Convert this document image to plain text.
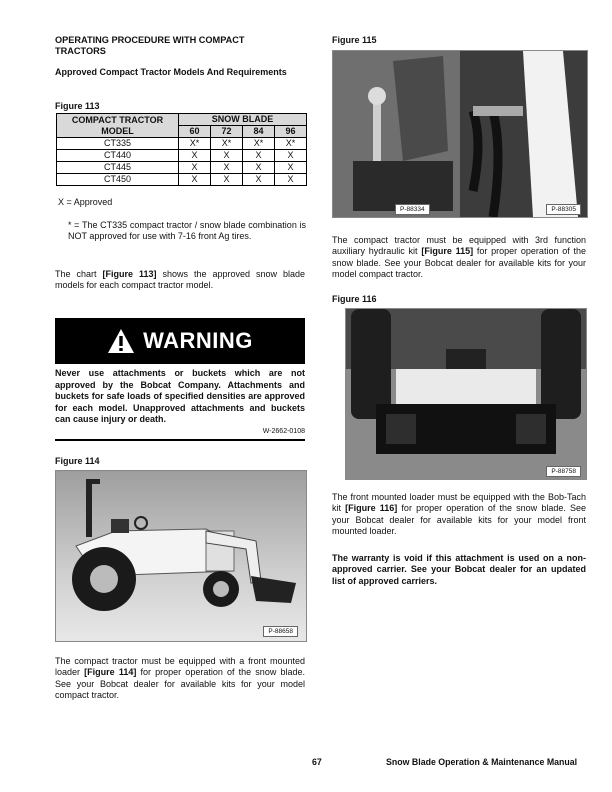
OPERATING PROCEDURE WITH COMPACT TRACTORS
Approved Compact Tractor Models And Requirements
Figure 113
COMPACT TRACTOR MODEL	SNOW BLADE			
	60	72	84	96
CT335	X*	X*	X*	X*
CT440	X	X	X	X
CT445	X	X	X	X
CT450	X	X	X	X
X = Approved
* = The CT335 compact tractor / snow blade combination is NOT approved for use with 7-16 front Ag tires.
The chart [Figure 113] shows the approved snow blade models for each compact tractor model.
WARNING
Never use attachments or buckets which are not approved by the Bobcat Company. Attachments and buckets for safe loads of specified densities are approved for each model. Unapproved attachments and buckets can cause injury or death.
W-2662-0108
Figure 114
P-88658
The compact tractor must be equipped with a front mounted loader [Figure 114] for proper operation of the snow blade. See your Bobcat dealer for available kits for your model compact tractor.
Figure 115
P-88334	P-88305
The compact tractor must be equipped with 3rd function auxiliary hydraulic kit [Figure 115] for proper operation of the snow blade. See your Bobcat dealer for available kits for your model compact tractor.
Figure 116
P-88758
The front mounted loader must be equipped with the Bob-Tach kit [Figure 116] for proper operation of the snow blade. See your Bobcat dealer for available kits for your model front mounted loader.
The warranty is void if this attachment is used on a non-approved carrier. See your Bobcat dealer for an updated list of approved carriers.
67	Snow Blade Operation & Maintenance Manual
